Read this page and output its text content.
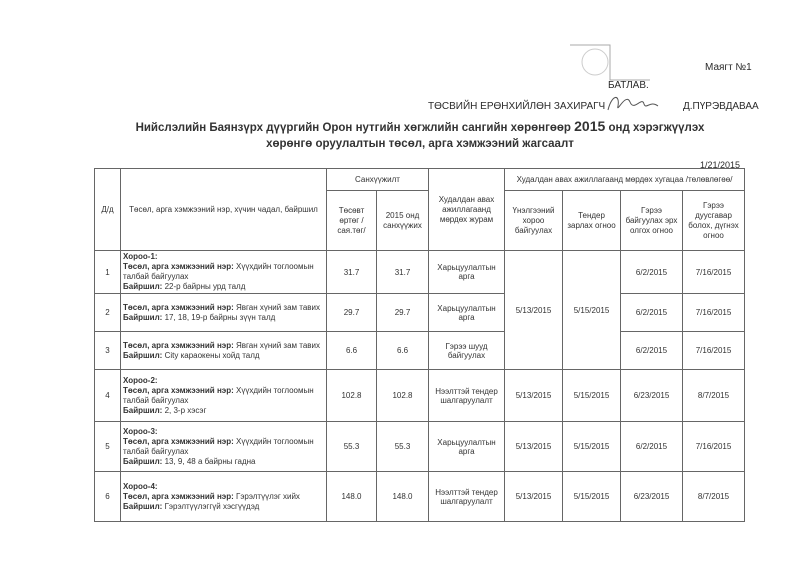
Маягт №1
БАТЛАВ.
ТӨСВИЙН ЕРӨНХИЙЛӨН ЗАХИРАГЧ	Д.ПҮРЭВДАВАА
Нийслэлийн Баянзүрх дүүргийн Орон нутгийн хөгжлийн сангийн хөрөнгөөр 2015 онд хэрэгжүүлэх
хөрөнгө оруулалтын төсөл, арга хэмжээний жагсаалт
1/21/2015
Д/д	Төсөл, арга хэмжээний нэр, хүчин чадал, байршил	Санхүүжилт		Худалдан авах ажиллагаанд мөрдөх журам	Худалдан авах ажиллагаанд мөрдөх хугацаа /төлөвлөгөө/			
		Төсөвт өртөг /сая.төг/	2015 онд санхүүжих		Үнэлгээний хороо байгуулах	Тендер зарлах огноо	Гэрээ байгуулах эрх олгох огноо	Гэрээ дуусгавар болох, дүгнэх огноо
1	Хороо-1:
Төсөл, арга хэмжээний нэр: Хүүхдийн тоглоомын талбай байгуулах
Байршил: 22-р байрны урд талд	31.7	31.7	Харьцуулалтын арга	5/13/2015	5/15/2015	6/2/2015	7/16/2015
2	Төсөл, арга хэмжээний нэр: Явган хүний зам тавих
Байршил: 17, 18, 19-р байрны зүүн талд	29.7	29.7	Харьцуулалтын арга			6/2/2015	7/16/2015
3	Төсөл, арга хэмжээний нэр: Явган хүний зам тавих
Байршил: City караокены хойд талд	6.6	6.6	Гэрээ шууд байгуулах			6/2/2015	7/16/2015
4	Хороо-2:
Төсөл, арга хэмжээний нэр: Хүүхдийн тоглоомын талбай байгуулах
Байршил: 2, 3-р хэсэг	102.8	102.8	Нээлттэй тендер шалгаруулалт	5/13/2015	5/15/2015	6/23/2015	8/7/2015
5	Хороо-3:
Төсөл, арга хэмжээний нэр: Хүүхдийн тоглоомын талбай байгуулах
Байршил: 13, 9, 48 а байрны гадна	55.3	55.3	Харьцуулалтын арга	5/13/2015	5/15/2015	6/2/2015	7/16/2015
6	Хороо-4:
Төсөл, арга хэмжээний нэр: Гэрэлтүүлэг хийх
Байршил: Гэрэлтүүлэггүй хэсгүүдэд	148.0	148.0	Нээлттэй тендер шалгаруулалт	5/13/2015	5/15/2015	6/23/2015	8/7/2015
